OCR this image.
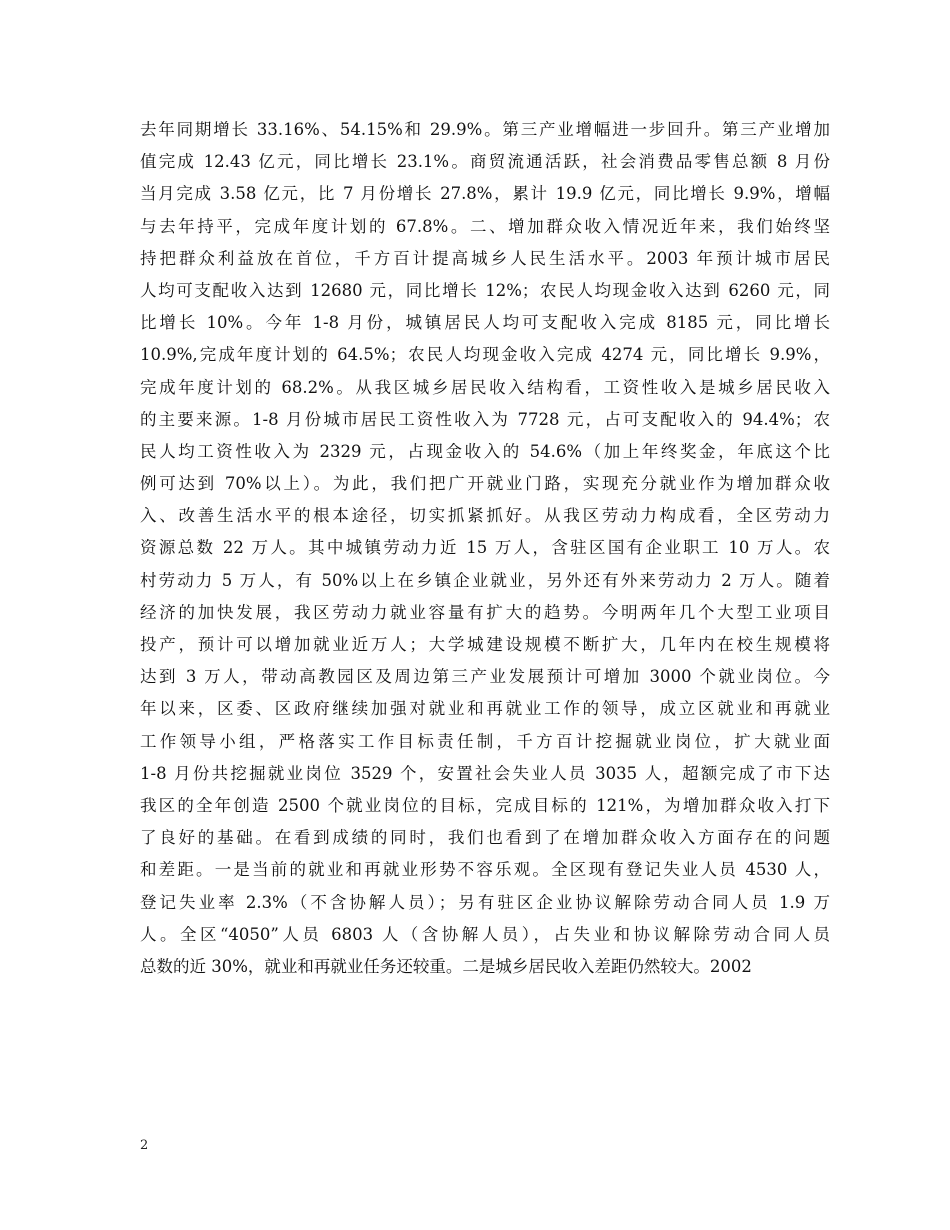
去年同期增长 33.16%、54.15%和 29.9%。第三产业增幅进一步回升。第三产业增加
值完成 12.43 亿元，同比增长 23.1%。商贸流通活跃，社会消费品零售总额 8 月份
当月完成 3.58 亿元，比 7 月份增长 27.8%，累计 19.9 亿元，同比增长 9.9%，增幅
与去年持平，完成年度计划的 67.8%。二、增加群众收入情况近年来，我们始终坚
持把群众利益放在首位，千方百计提高城乡人民生活水平。2003 年预计城市居民
人均可支配收入达到 12680 元，同比增长 12%；农民人均现金收入达到 6260 元，同
比增长 10%。今年 1-8 月份，城镇居民人均可支配收入完成 8185 元，同比增长
10.9%,完成年度计划的 64.5%；农民人均现金收入完成 4274 元，同比增长 9.9%，
完成年度计划的 68.2%。从我区城乡居民收入结构看，工资性收入是城乡居民收入
的主要来源。1-8 月份城市居民工资性收入为 7728 元，占可支配收入的 94.4%；农
民人均工资性收入为 2329 元，占现金收入的 54.6%（加上年终奖金，年底这个比
例可达到 70%以上）。为此，我们把广开就业门路，实现充分就业作为增加群众收
入、改善生活水平的根本途径，切实抓紧抓好。从我区劳动力构成看，全区劳动力
资源总数 22 万人。其中城镇劳动力近 15 万人，含驻区国有企业职工 10 万人。农
村劳动力 5 万人，有 50%以上在乡镇企业就业，另外还有外来劳动力 2 万人。随着
经济的加快发展，我区劳动力就业容量有扩大的趋势。今明两年几个大型工业项目
投产，预计可以增加就业近万人；大学城建设规模不断扩大，几年内在校生规模将
达到 3 万人，带动高教园区及周边第三产业发展预计可增加 3000 个就业岗位。今
年以来，区委、区政府继续加强对就业和再就业工作的领导，成立区就业和再就业
工作领导小组，严格落实工作目标责任制，千方百计挖掘就业岗位，扩大就业面
1-8 月份共挖掘就业岗位 3529 个，安置社会失业人员 3035 人，超额完成了市下达
我区的全年创造 2500 个就业岗位的目标，完成目标的 121%，为增加群众收入打下
了良好的基础。在看到成绩的同时，我们也看到了在增加群众收入方面存在的问题
和差距。一是当前的就业和再就业形势不容乐观。全区现有登记失业人员 4530 人，
登记失业率 2.3%（不含协解人员）；另有驻区企业协议解除劳动合同人员 1.9 万
人。全区“4050”人员 6803 人（含协解人员），占失业和协议解除劳动合同人员
总数的近 30%，就业和再就业任务还较重。二是城乡居民收入差距仍然较大。2002
2
